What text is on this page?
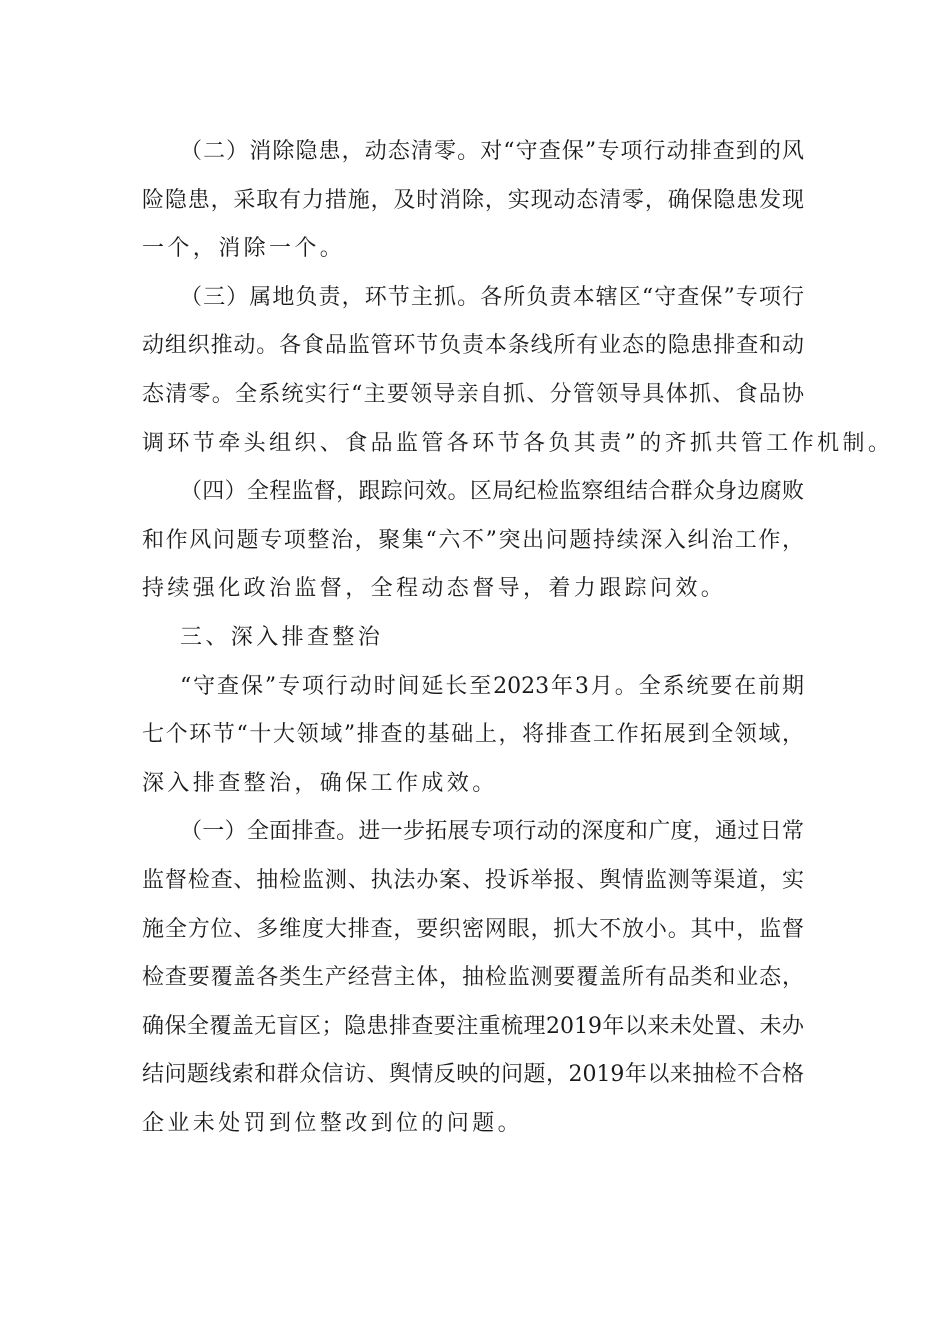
（二）消除隐患，动态清零。对“守查保”专项行动排查到的风
险隐患，采取有力措施，及时消除，实现动态清零，确保隐患发现
一个，消除一个。
（三）属地负责，环节主抓。各所负责本辖区“守查保”专项行
动组织推动。各食品监管环节负责本条线所有业态的隐患排查和动
态清零。全系统实行“主要领导亲自抓、分管领导具体抓、食品协
调环节牵头组织、食品监管各环节各负其责”的齐抓共管工作机制。
（四）全程监督，跟踪问效。区局纪检监察组结合群众身边腐败
和作风问题专项整治，聚集“六不”突出问题持续深入纠治工作，
持续强化政治监督，全程动态督导，着力跟踪问效。
三、深入排查整治
“守查保”专项行动时间延长至2023年3月。全系统要在前期
七个环节“十大领域”排查的基础上，将排查工作拓展到全领域，
深入排查整治，确保工作成效。
（一）全面排查。进一步拓展专项行动的深度和广度，通过日常
监督检查、抽检监测、执法办案、投诉举报、舆情监测等渠道，实
施全方位、多维度大排查，要织密网眼，抓大不放小。其中，监督
检查要覆盖各类生产经营主体，抽检监测要覆盖所有品类和业态，
确保全覆盖无盲区；隐患排查要注重梳理2019年以来未处置、未办
结问题线索和群众信访、舆情反映的问题，2019年以来抽检不合格
企业未处罚到位整改到位的问题。
